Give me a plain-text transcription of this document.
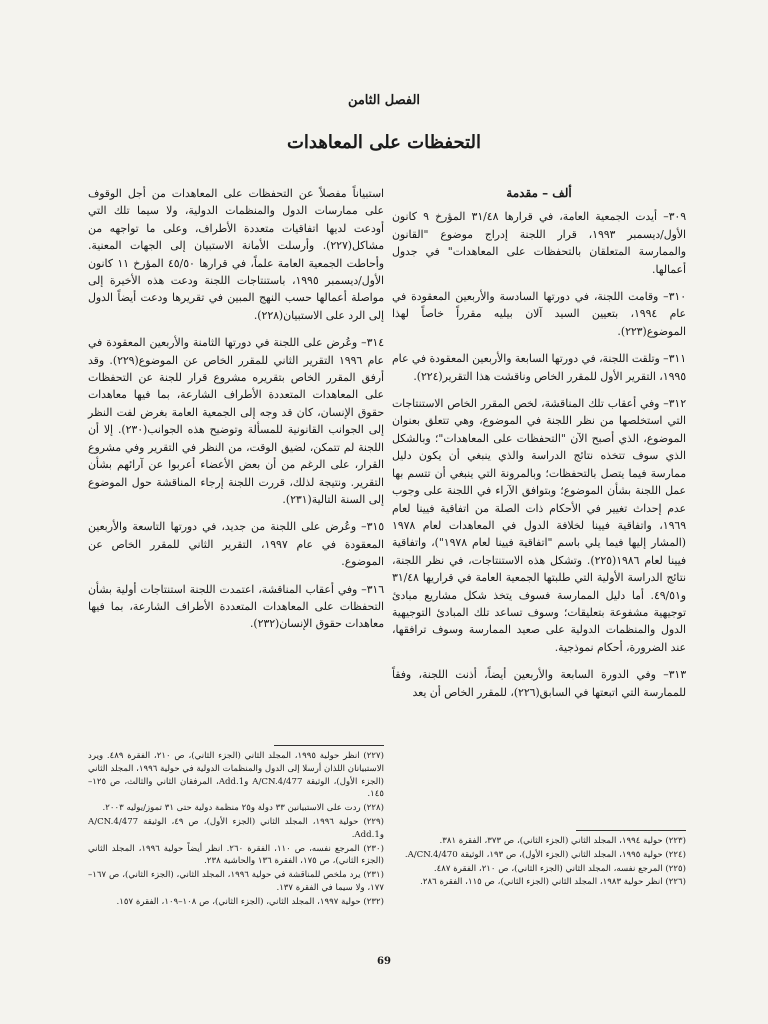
الفصل الثامن
التحفظات على المعاهدات
ألف – مقدمة

٣٠٩– أيدت الجمعية العامة، في قرارها ٣١/٤٨ المؤرخ ٩ كانون الأول/ديسمبر ١٩٩٣، قرار اللجنة إدراج موضوع "القانون والممارسة المتعلقان بالتحفظات على المعاهدات" في جدول أعمالها.

٣١٠– وقامت اللجنة، في دورتها السادسة والأربعين المعقودة في عام ١٩٩٤، بتعيين السيد آلان بيليه مقرراً خاصاً لهذا الموضوع(٢٢٣).

٣١١– وتلقت اللجنة، في دورتها السابعة والأربعين المعقودة في عام ١٩٩٥، التقرير الأول للمقرر الخاص وناقشت هذا التقرير(٢٢٤).

٣١٢– وفي أعقاب تلك المناقشة، لخص المقرر الخاص الاستنتاجات التي استخلصها من نظر اللجنة في الموضوع، وهي تتعلق بعنوان الموضوع، الذي أصبح الآن "التحفظات على المعاهدات"؛ وبالشكل الذي سوف تتخذه نتائج الدراسة والذي ينبغي أن يكون دليل ممارسة فيما يتصل بالتحفظات؛ وبالمرونة التي ينبغي أن تتسم بها عمل اللجنة بشأن الموضوع؛ وبتوافق الآراء في اللجنة على وجوب عدم إحداث تغيير في الأحكام ذات الصلة من اتفاقية فيينا لعام ١٩٦٩، واتفاقية فيينا لخلافة الدول في المعاهدات لعام ١٩٧٨ (المشار إليها فيما يلي باسم "اتفاقية فيينا لعام ١٩٧٨")، واتفاقية فيينا لعام ١٩٨٦(٢٢٥). وتشكل هذه الاستنتاجات، في نظر اللجنة، نتائج الدراسة الأولية التي طلبتها الجمعية العامة في قراريها ٣١/٤٨ و٤٩/٥١. أما دليل الممارسة فسوف يتخذ شكل مشاريع مبادئ توجيهية مشفوعة بتعليقات؛ وسوف تساعد تلك المبادئ التوجيهية الدول والمنظمات الدولية على صعيد الممارسة وسوف ترافقها، عند الضرورة، أحكام نموذجية.

٣١٣– وفي الدورة السابعة والأربعين أيضاً، أذنت اللجنة، وفقاً للممارسة التي اتبعتها في السابق(٢٢٦)، للمقرر الخاص أن يعد

استبياناً مفصلاً عن التحفظات على المعاهدات من أجل الوقوف على ممارسات الدول والمنظمات الدولية، ولا سيما تلك التي أودعت لديها اتفاقيات متعددة الأطراف، وعلى ما تواجهه من مشاكل(٢٢٧). وأرسلت الأمانة الاستبيان إلى الجهات المعنية. وأحاطت الجمعية العامة علماً، في قرارها ٤٥/٥٠ المؤرخ ١١ كانون الأول/ديسمبر ١٩٩٥، باستنتاجات اللجنة ودعت هذه الأخيرة إلى مواصلة أعمالها حسب النهج المبين في تقريرها ودعت أيضاً الدول إلى الرد على الاستبيان(٢٢٨).

٣١٤– وعُرض على اللجنة في دورتها الثامنة والأربعين المعقودة في عام ١٩٩٦ التقرير الثاني للمقرر الخاص عن الموضوع(٢٢٩). وقد أرفق المقرر الخاص بتقريره مشروع قرار للجنة عن التحفظات على المعاهدات المتعددة الأطراف الشارعة، بما فيها معاهدات حقوق الإنسان، كان قد وجه إلى الجمعية العامة بغرض لفت النظر إلى الجوانب القانونية للمسألة وتوضيح هذه الجوانب(٢٣٠). إلا أن اللجنة لم تتمكن، لضيق الوقت، من النظر في التقرير وفي مشروع القرار، على الرغم من أن بعض الأعضاء أعربوا عن آرائهم بشأن التقرير. ونتيجة لذلك، قررت اللجنة إرجاء المناقشة حول الموضوع إلى السنة التالية(٢٣١).

٣١٥– وعُرض على اللجنة من جديد، في دورتها التاسعة والأربعين المعقودة في عام ١٩٩٧، التقرير الثاني للمقرر الخاص عن الموضوع.

٣١٦– وفي أعقاب المناقشة، اعتمدت اللجنة استنتاجات أولية بشأن التحفظات على المعاهدات المتعددة الأطراف الشارعة، بما فيها معاهدات حقوق الإنسان(٢٣٢).

(٢٢٧) انظر حولية ١٩٩٥، المجلد الثاني (الجزء الثاني)، ص ٢١٠، الفقرة ٤٨٩. ويرد الاستبيانان اللذان أرسلا إلى الدول والمنظمات الدولية في حولية ١٩٩٦، المجلد الثاني (الجزء الأول)، الوثيقة A/CN.4/477 وAdd.1، المرفقان الثاني والثالث، ص ١٢٥–١٤٥.

(٢٢٨) ردت على الاستبيانين ٣٣ دولة و٢٥ منظمة دولية حتى ٣١ تموز/يوليه ٢٠٠٣.

(٢٢٩) حولية ١٩٩٦، المجلد الثاني (الجزء الأول)، ص ٤٩، الوثيقة A/CN.4/477 وAdd.1.

(٢٣٠) المرجع نفسه، ص ١١٠، الفقرة ٢٦٠. انظر أيضاً حولية ١٩٩٦، المجلد الثاني (الجزء الثاني)، ص ١٧٥، الفقرة ١٣٦ والحاشية ٢٣٨.

(٢٣١) يرد ملخص للمناقشة في حولية ١٩٩٦، المجلد الثاني، (الجزء الثاني)، ص ١٦٧–١٧٧، ولا سيما في الفقرة ١٣٧.

(٢٣٢) حولية ١٩٩٧، المجلد الثاني، (الجزء الثاني)، ص ١٠٨–١٠٩، الفقرة ١٥٧.

(٢٢٣) حولية ١٩٩٤، المجلد الثاني (الجزء الثاني)، ص ٣٧٣، الفقرة ٣٨١.

(٢٢٤) حولية ١٩٩٥، المجلد الثاني (الجزء الأول)، ص ١٩٣، الوثيقة A/CN.4/470.

(٢٢٥) المرجع نفسه، المجلد الثاني (الجزء الثاني)، ص ٢١٠، الفقرة ٤٨٧.

(٢٢٦) انظر حولية ١٩٨٣، المجلد الثاني (الجزء الثاني)، ص ١١٥، الفقرة ٢٨٦.

69
